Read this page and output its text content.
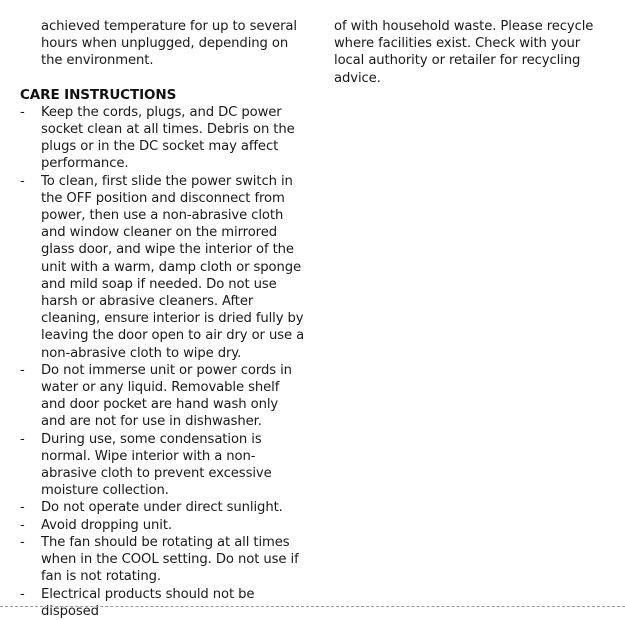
achieved temperature for up to several hours when unplugged, depending on the environment.
CARE INSTRUCTIONS
- Keep the cords, plugs, and DC power socket clean at all times. Debris on the plugs or in the DC socket may affect performance.
- To clean, first slide the power switch in the OFF position and disconnect from power, then use a non-abrasive cloth and window cleaner on the mirrored glass door, and wipe the interior of the unit with a warm, damp cloth or sponge and mild soap if needed. Do not use harsh or abrasive cleaners. After cleaning, ensure interior is dried fully by leaving the door open to air dry or use a non-abrasive cloth to wipe dry.
- Do not immerse unit or power cords in water or any liquid. Removable shelf and door pocket are hand wash only and are not for use in dishwasher.
- During use, some condensation is normal. Wipe interior with a non-abrasive cloth to prevent excessive moisture collection.
- Do not operate under direct sunlight.
- Avoid dropping unit.
- The fan should be rotating at all times when in the COOL setting. Do not use if fan is not rotating.
- Electrical products should not be disposed
of with household waste. Please recycle where facilities exist. Check with your local authority or retailer for recycling advice.
